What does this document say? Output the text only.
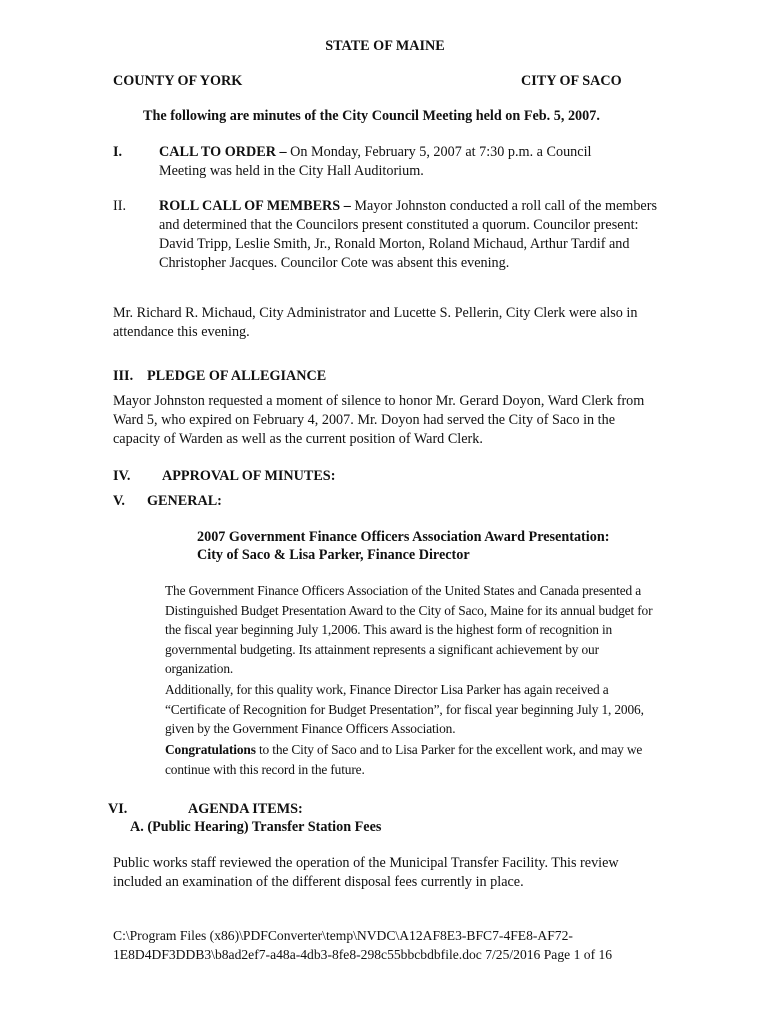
STATE OF MAINE

COUNTY OF YORK	CITY OF SACO

The following are minutes of the City Council Meeting held on Feb. 5, 2007.

I.	CALL TO ORDER – On Monday, February 5, 2007 at 7:30 p.m. a Council Meeting was held in the City Hall Auditorium.

II. ROLL CALL OF MEMBERS – Mayor Johnston conducted a roll call of the members and determined that the Councilors present constituted a quorum. Councilor present: David Tripp, Leslie Smith, Jr., Ronald Morton, Roland Michaud, Arthur Tardif and Christopher Jacques. Councilor Cote was absent this evening.

Mr. Richard R. Michaud, City Administrator and Lucette S. Pellerin, City Clerk were also in attendance this evening.

III. PLEDGE OF ALLEGIANCE

Mayor Johnston requested a moment of silence to honor Mr. Gerard Doyon, Ward Clerk from Ward 5, who expired on February 4, 2007. Mr. Doyon had served the City of Saco in the capacity of Warden as well as the current position of Ward Clerk.

IV. APPROVAL OF MINUTES:

V. GENERAL:

2007 Government Finance Officers Association Award Presentation:

City of Saco & Lisa Parker, Finance Director

The Government Finance Officers Association of the United States and Canada presented a Distinguished Budget Presentation Award to the City of Saco, Maine for its annual budget for the fiscal year beginning July 1,2006. This award is the highest form of recognition in governmental budgeting. Its attainment represents a significant achievement by our organization.

Additionally, for this quality work, Finance Director Lisa Parker has again received a “Certificate of Recognition for Budget Presentation”, for fiscal year beginning July 1, 2006, given by the Government Finance Officers Association.

Congratulations to the City of Saco and to Lisa Parker for the excellent work, and may we continue with this record in the future.

VI.	AGENDA ITEMS:

A. (Public Hearing) Transfer Station Fees

Public works staff reviewed the operation of the Municipal Transfer Facility. This review included an examination of the different disposal fees currently in place.

C:\Program Files (x86)\PDFConverter\temp\NVDC\A12AF8E3-BFC7-4FE8-AF72-1E8D4DF3DDB3\b8ad2ef7-a48a-4db3-8fe8-298c55bbcbdbfile.doc 7/25/2016 Page 1 of 16
